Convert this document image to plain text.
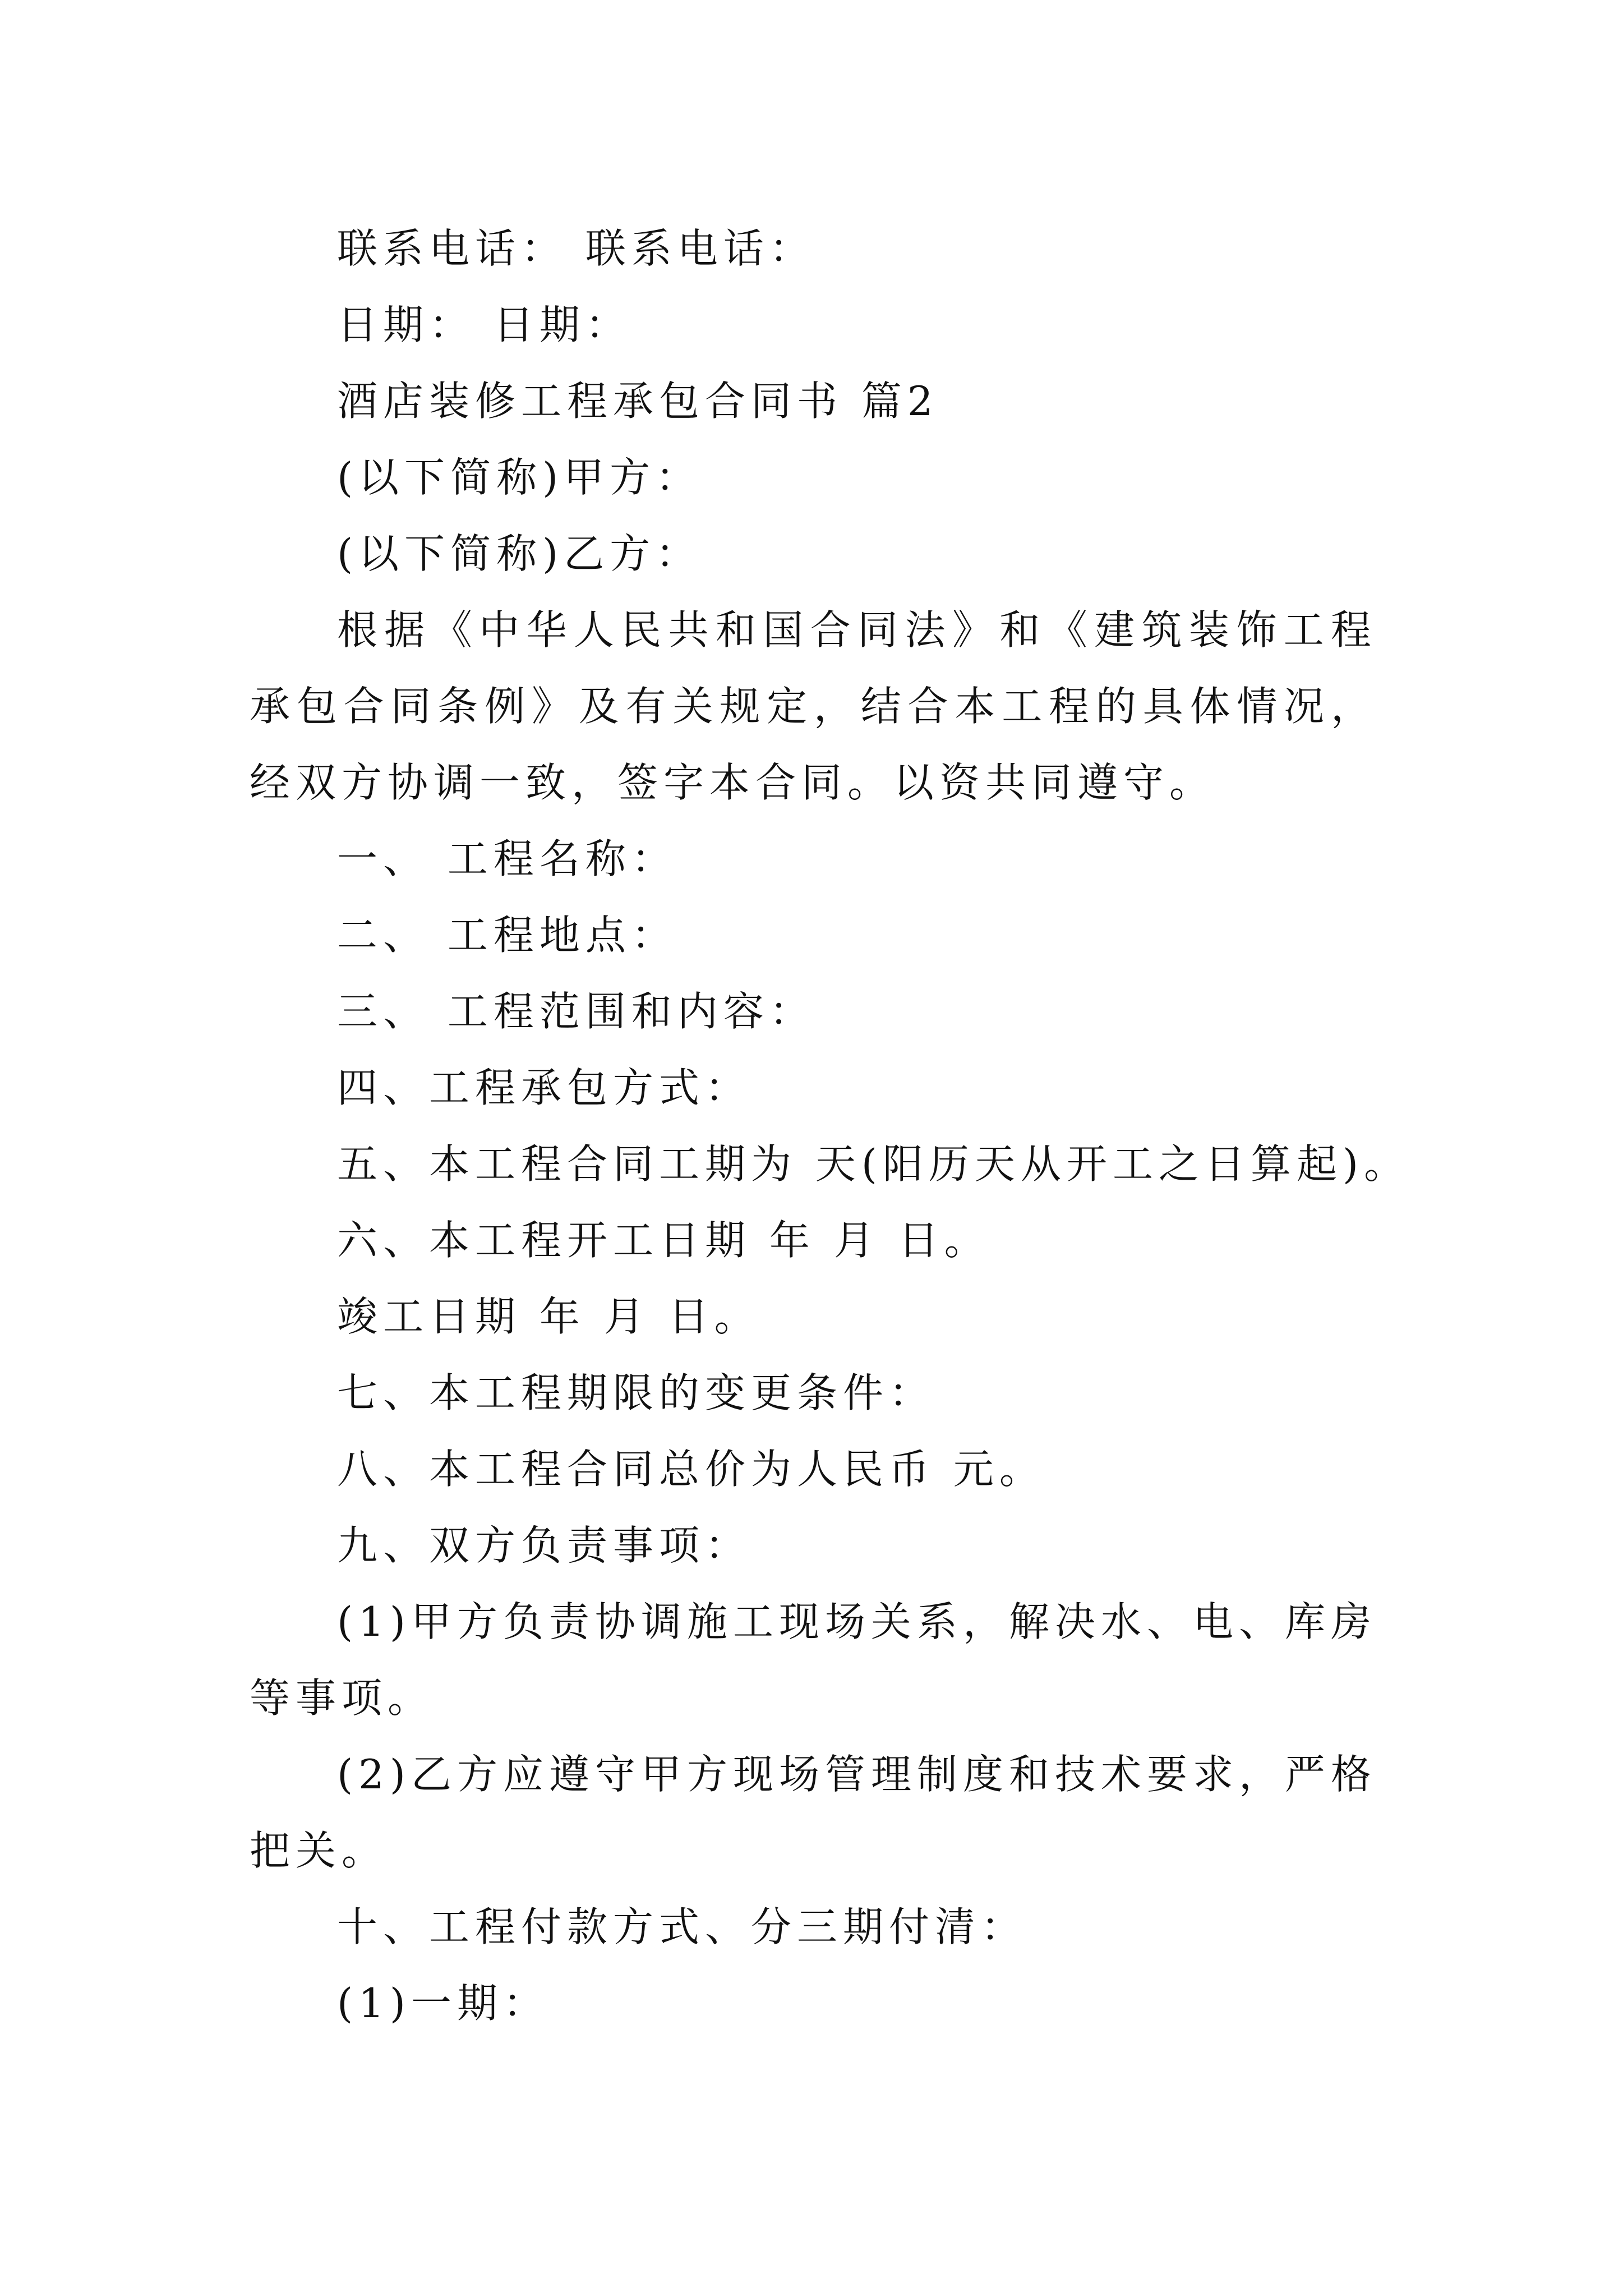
联系电话： 联系电话：

日期： 日期：

酒店装修工程承包合同书 篇2

(以下简称)甲方：

(以下简称)乙方：

根据《中华人民共和国合同法》和《建筑装饰工程承包合同条例》及有关规定，结合本工程的具体情况，经双方协调一致，签字本合同。以资共同遵守。

一、 工程名称：

二、 工程地点：

三、 工程范围和内容：

四、工程承包方式：

五、本工程合同工期为 天(阳历天从开工之日算起)。

六、本工程开工日期 年 月 日。

竣工日期 年 月 日。

七、本工程期限的变更条件：

八、本工程合同总价为人民币 元。

九、双方负责事项：

(1)甲方负责协调施工现场关系，解决水、电、库房等事项。

(2)乙方应遵守甲方现场管理制度和技术要求，严格把关。

十、工程付款方式、分三期付清：

(1)一期：
